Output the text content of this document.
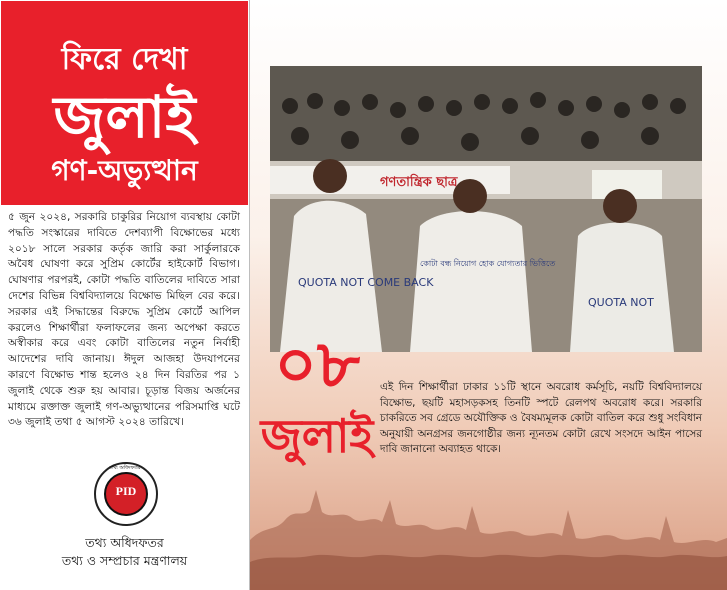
ফিরে দেখা
জুলাই
গণ-অভ্যুত্থান
৫ জুন ২০২৪, সরকারি চাকুরির নিয়োগ ব্যবস্থায় কোটা পদ্ধতি সংস্কারের দাবিতে দেশব্যাপী বিক্ষোভের মধ্যে ২০১৮ সালে সরকার কর্তৃক জারি করা সার্কুলারকে অবৈধ ঘোষণা করে সুপ্রিম কোর্টের হাইকোর্ট বিভাগ। ঘোষণার পরপরই, কোটা পদ্ধতি বাতিলের দাবিতে সারা দেশের বিভিন্ন বিশ্ববিদ্যালয়ে বিক্ষোভ মিছিল বের করে। সরকার এই সিদ্ধান্তের বিরুদ্ধে সুপ্রিম কোর্টে আপিল করলেও শিক্ষার্থীরা ফলাফলের জন্য অপেক্ষা করতে অস্বীকার করে এবং কোটা বাতিলের নতুন নির্বাহী আদেশের দাবি জানায়। ঈদুল আজহা উদযাপনের কারণে বিক্ষোভ শান্ত হলেও ২৪ দিন বিরতির পর ১ জুলাই থেকে শুরু হয় আবার। চূড়ান্ত বিজয় অর্জনের মাধ্যমে রক্তাক্ত জুলাই গণ-অভ্যুত্থানের পরিসমাপ্তি ঘটে ৩৬ জুলাই তথা ৫ আগস্ট ২০২৪ তারিখে।
তথ্য অধিদফতর
PID
তথ্য অধিদফতর
তথ্য ও সম্প্রচার মন্ত্রণালয়
গণতান্ত্রিক ছাত্র
QUOTA NOT COME BACK
কোটা বন্ধ নিয়োগ হোক যোগ্যতার ভিত্তিতে
QUOTA NOT
০৮
জুলাই
এই দিন শিক্ষার্থীরা ঢাকার ১১টি স্থানে অবরোধ কর্মসূচি, নয়টি বিশ্ববিদ্যালয়ে বিক্ষোভ, ছয়টি মহাসড়কসহ তিনটি স্পটে রেলপথ অবরোধ করে। সরকারি চাকরিতে সব গ্রেডে অযৌক্তিক ও বৈষম্যমূলক কোটা বাতিল করে শুধু সংবিধান অনুযায়ী অনগ্রসর জনগোষ্ঠীর জন্য ন্যূনতম কোটা রেখে সংসদে আইন পাসের দাবি জানানো অব্যাহত থাকে।
